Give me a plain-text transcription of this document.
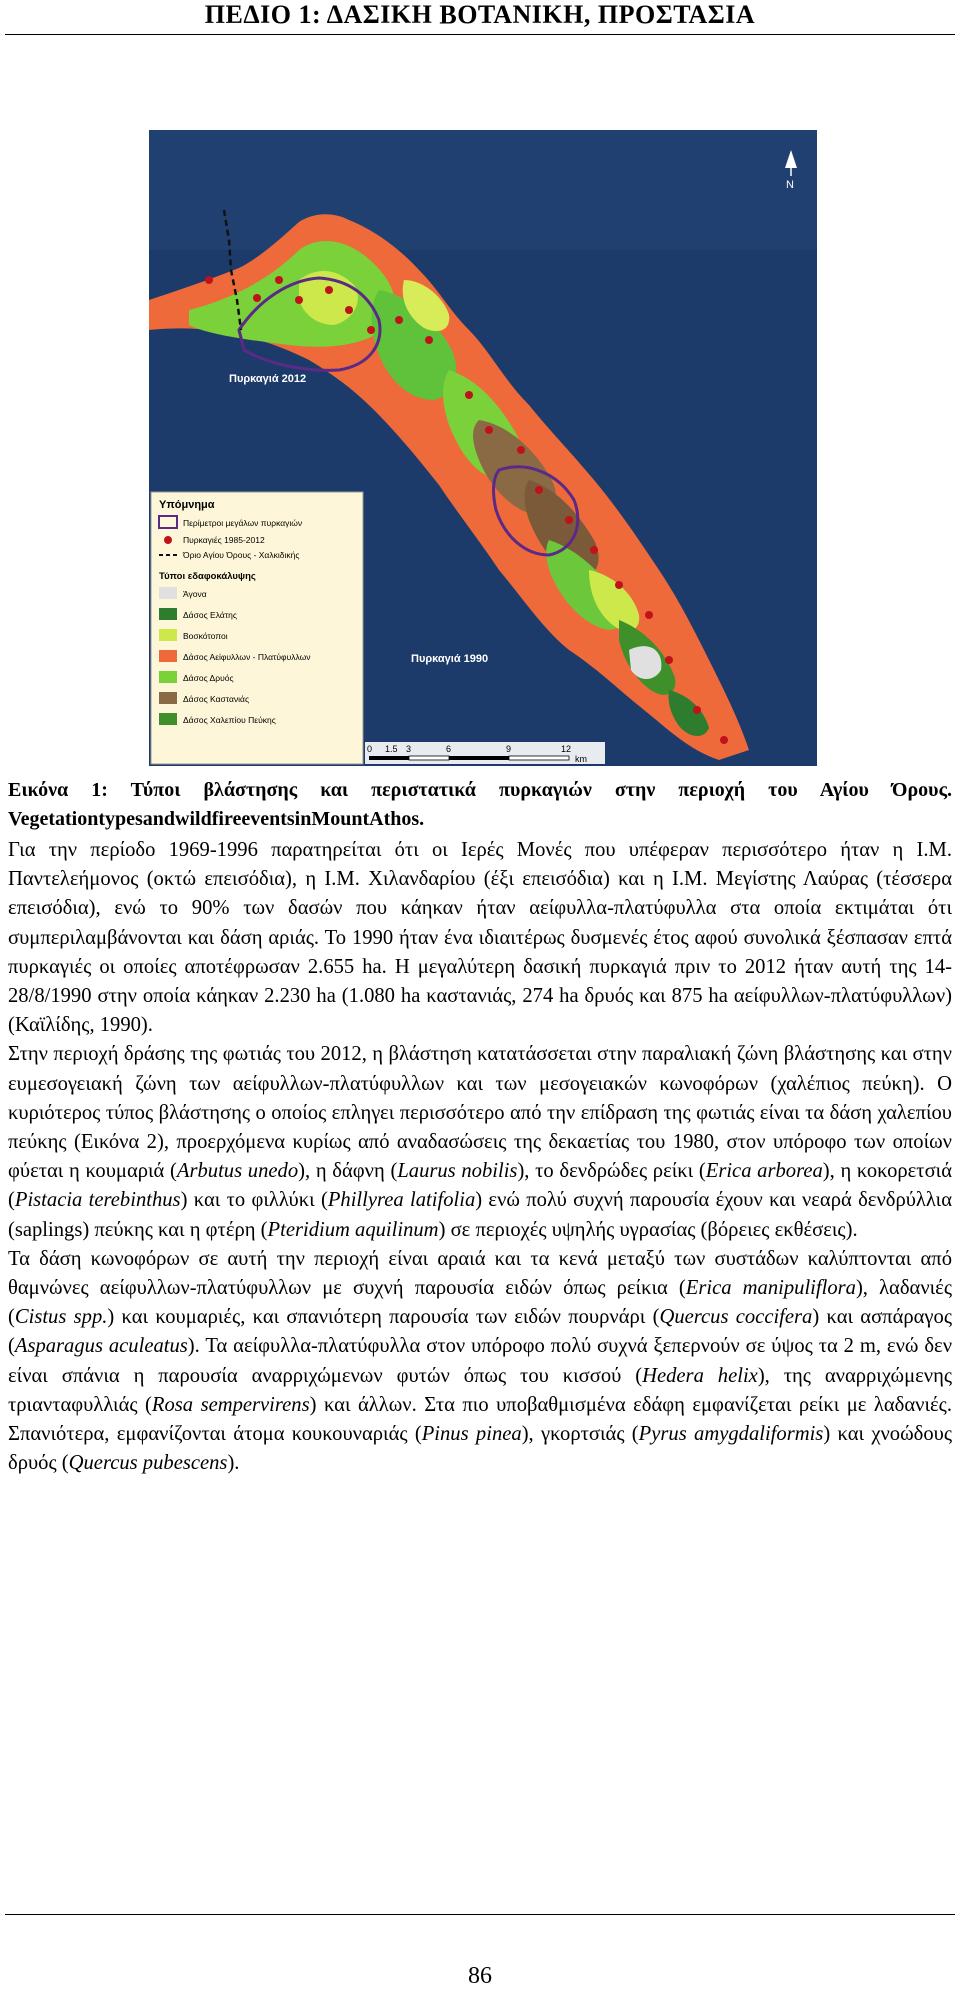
ΠΕΔΙΟ 1: ΔΑΣΙΚΗ ΒΟΤΑΝΙΚΗ, ΠΡΟΣΤΑΣΙΑ
Πυρκαγιά 2012
Πυρκαγιά 1990
N
Υπόμνημα
Περίμετροι μεγάλων πυρκαγιών
Πυρκαγιές 1985-2012
Όριο Αγίου Όρους - Χαλκιδικής
Τύποι εδαφοκάλυψης
Άγονα
Δάσος Ελάτης
Βοσκότοποι
Δάσος Αείφυλλων - Πλατύφυλλων
Δάσος Δρυός
Δάσος Καστανιάς
Δάσος Χαλεπίου Πεύκης
0 1.5 3	6	9	12
km
Εικόνα 1: Τύποι βλάστησης και περιστατικά πυρκαγιών στην περιοχή του Αγίου Όρους. VegetationtypesandwildfireeventsinMountAthos.

Για την περίοδο 1969-1996 παρατηρείται ότι οι Ιερές Μονές που υπέφεραν περισσότερο ήταν η Ι.Μ. Παντελεήμονος (οκτώ επεισόδια), η Ι.Μ. Χιλανδαρίου (έξι επεισόδια) και η Ι.Μ. Μεγίστης Λαύρας (τέσσερα επεισόδια), ενώ το 90% των δασών που κάηκαν ήταν αείφυλλα-πλατύφυλλα στα οποία εκτιμάται ότι συμπεριλαμβάνονται και δάση αριάς. Το 1990 ήταν ένα ιδιαιτέρως δυσμενές έτος αφού συνολικά ξέσπασαν επτά πυρκαγιές οι οποίες αποτέφρωσαν 2.655 ha. Η μεγαλύτερη δασική πυρκαγιά πριν το 2012 ήταν αυτή της 14-28/8/1990 στην οποία κάηκαν 2.230 ha (1.080 ha καστανιάς, 274 ha δρυός και 875 ha αείφυλλων-πλατύφυλλων) (Καϊλίδης, 1990).

Στην περιοχή δράσης της φωτιάς του 2012, η βλάστηση κατατάσσεται στην παραλιακή ζώνη βλάστησης και στην ευμεσογειακή ζώνη των αείφυλλων-πλατύφυλλων και των μεσογειακών κωνοφόρων (χαλέπιος πεύκη). Ο κυριότερος τύπος βλάστησης ο οποίος επληγει περισσότερο από την επίδραση της φωτιάς είναι τα δάση χαλεπίου πεύκης (Εικόνα 2), προερχόμενα κυρίως από αναδασώσεις της δεκαετίας του 1980, στον υπόροφο των οποίων φύεται η κουμαριά (Arbutus unedo), η δάφνη (Laurus nobilis), το δενδρώδες ρείκι (Erica arborea), η κοκορετσιά (Pistacia terebinthus) και το φιλλύκι (Phillyrea latifolia) ενώ πολύ συχνή παρουσία έχουν και νεαρά δενδρύλλια (saplings) πεύκης και η φτέρη (Pteridium aquilinum) σε περιοχές υψηλής υγρασίας (βόρειες εκθέσεις).

Τα δάση κωνοφόρων σε αυτή την περιοχή είναι αραιά και τα κενά μεταξύ των συστάδων καλύπτονται από θαμνώνες αείφυλλων-πλατύφυλλων με συχνή παρουσία ειδών όπως ρείκια (Erica manipuliflora), λαδανιές (Cistus spp.) και κουμαριές, και σπανιότερη παρουσία των ειδών πουρνάρι (Quercus coccifera) και ασπάραγος (Asparagus aculeatus). Τα αείφυλλα-πλατύφυλλα στον υπόροφο πολύ συχνά ξεπερνούν σε ύψος τα 2 m, ενώ δεν είναι σπάνια η παρουσία αναρριχώμενων φυτών όπως του κισσού (Hedera helix), της αναρριχώμενης τριανταφυλλιάς (Rosa sempervirens) και άλλων. Στα πιο υποβαθμισμένα εδάφη εμφανίζεται ρείκι με λαδανιές. Σπανιότερα, εμφανίζονται άτομα κουκουναριάς (Pinus pinea), γκορτσιάς (Pyrus amygdaliformis) και χνοώδους δρυός (Quercus pubescens).

86
